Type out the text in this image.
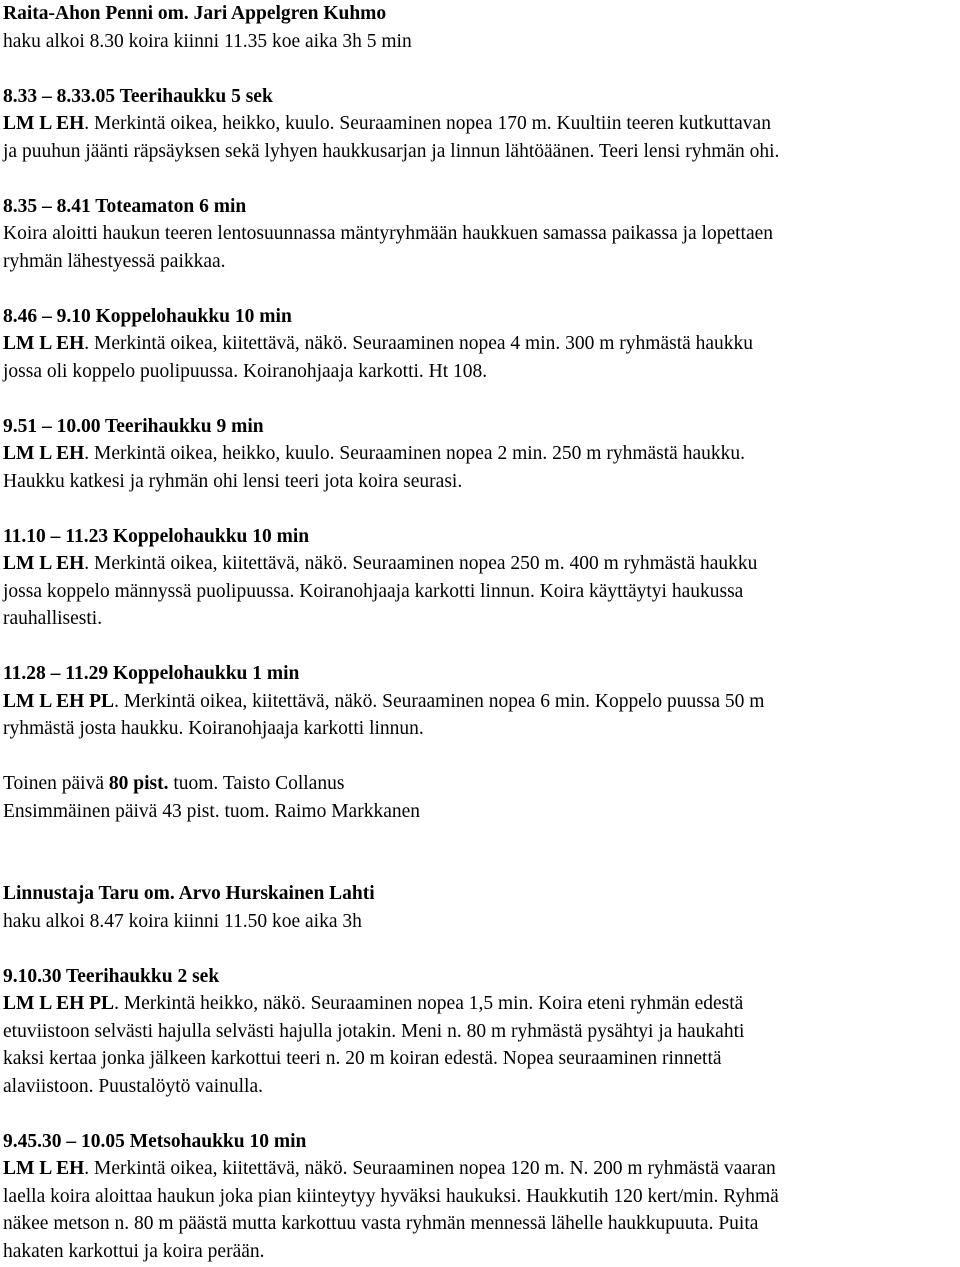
Raita-Ahon Penni om. Jari Appelgren Kuhmo
haku alkoi 8.30 koira kiinni 11.35 koe aika 3h 5 min
8.33 – 8.33.05 Teerihaukku 5 sek
LM L EH. Merkintä oikea, heikko, kuulo. Seuraaminen nopea 170 m. Kuultiin teeren kutkuttavan
ja puuhun jäänti räpsäyksen sekä lyhyen haukkusarjan ja linnun lähtöäänen. Teeri lensi ryhmän ohi.
8.35 – 8.41 Toteamaton 6 min
Koira aloitti haukun teeren lentosuunnassa mäntyryhmään haukkuen samassa paikassa ja lopettaen
ryhmän lähestyessä paikkaa.
8.46 – 9.10 Koppelohaukku 10 min
LM L EH. Merkintä oikea, kiitettävä, näkö. Seuraaminen nopea 4 min. 300 m ryhmästä haukku
jossa oli koppelo puolipuussa. Koiranohjaaja karkotti. Ht 108.
9.51 – 10.00 Teerihaukku 9 min
LM L EH. Merkintä oikea, heikko, kuulo. Seuraaminen nopea 2 min. 250 m ryhmästä haukku.
Haukku katkesi ja ryhmän ohi lensi teeri jota koira seurasi.
11.10 – 11.23 Koppelohaukku 10 min
LM L EH. Merkintä oikea, kiitettävä, näkö. Seuraaminen nopea 250 m. 400 m ryhmästä haukku
jossa koppelo männyssä puolipuussa. Koiranohjaaja karkotti linnun. Koira käyttäytyi haukussa
rauhallisesti.
11.28 – 11.29 Koppelohaukku 1 min
LM L EH PL. Merkintä oikea, kiitettävä, näkö. Seuraaminen nopea 6 min. Koppelo puussa 50 m
ryhmästä josta haukku. Koiranohjaaja karkotti linnun.
Toinen päivä 80 pist. tuom. Taisto Collanus
Ensimmäinen päivä 43 pist. tuom. Raimo Markkanen
Linnustaja Taru om. Arvo Hurskainen Lahti
haku alkoi 8.47 koira kiinni 11.50 koe aika 3h
9.10.30 Teerihaukku 2 sek
LM L EH PL. Merkintä heikko, näkö. Seuraaminen nopea 1,5 min. Koira eteni ryhmän edestä
etuviistoon selvästi hajulla selvästi hajulla jotakin. Meni n. 80 m ryhmästä pysähtyi ja haukahti
kaksi kertaa jonka jälkeen karkottui teeri n. 20 m koiran edestä. Nopea seuraaminen rinnettä
alaviistoon. Puustalöytö vainulla.
9.45.30 – 10.05 Metsohaukku 10 min
LM L EH. Merkintä oikea, kiitettävä, näkö. Seuraaminen nopea 120 m. N. 200 m ryhmästä vaaran
laella koira aloittaa haukun joka pian kiinteytyy hyväksi haukuksi. Haukkutih 120 kert/min. Ryhmä
näkee metson n. 80 m päästä mutta karkottuu vasta ryhmän mennessä lähelle haukkupuuta. Puita
hakaten karkottui ja koira perään.
